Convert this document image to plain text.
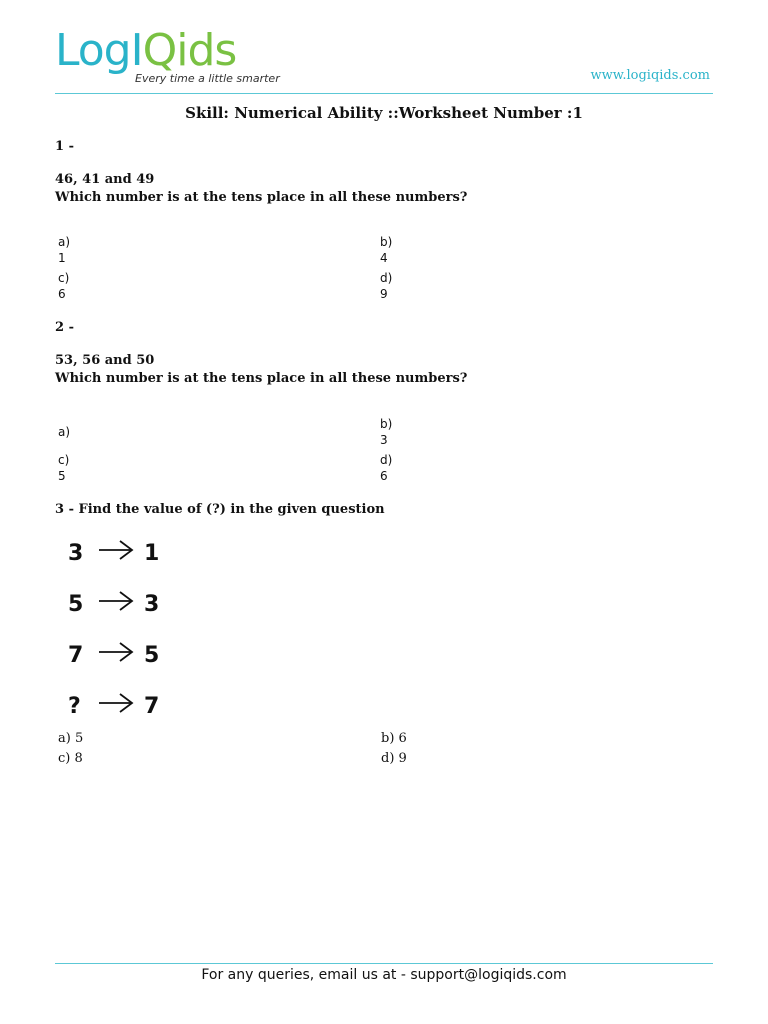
LogIQids
Every time a little smarter	www.logiqids.com
Skill: Numerical Ability ::Worksheet Number :1
1 -
46, 41 and 49
Which number is at the tens place in all these numbers?
a)
1
b)
4
c)
6
d)
9
2 -
53, 56 and 50
Which number is at the tens place in all these numbers?
a)
b)
3
c)
5
d)
6
3 - Find the value of (?) in the given question
3	1
5	3
7	5
?	7
a) 5	b) 6
c) 8	d) 9
For any queries, email us at - support@logiqids.com
